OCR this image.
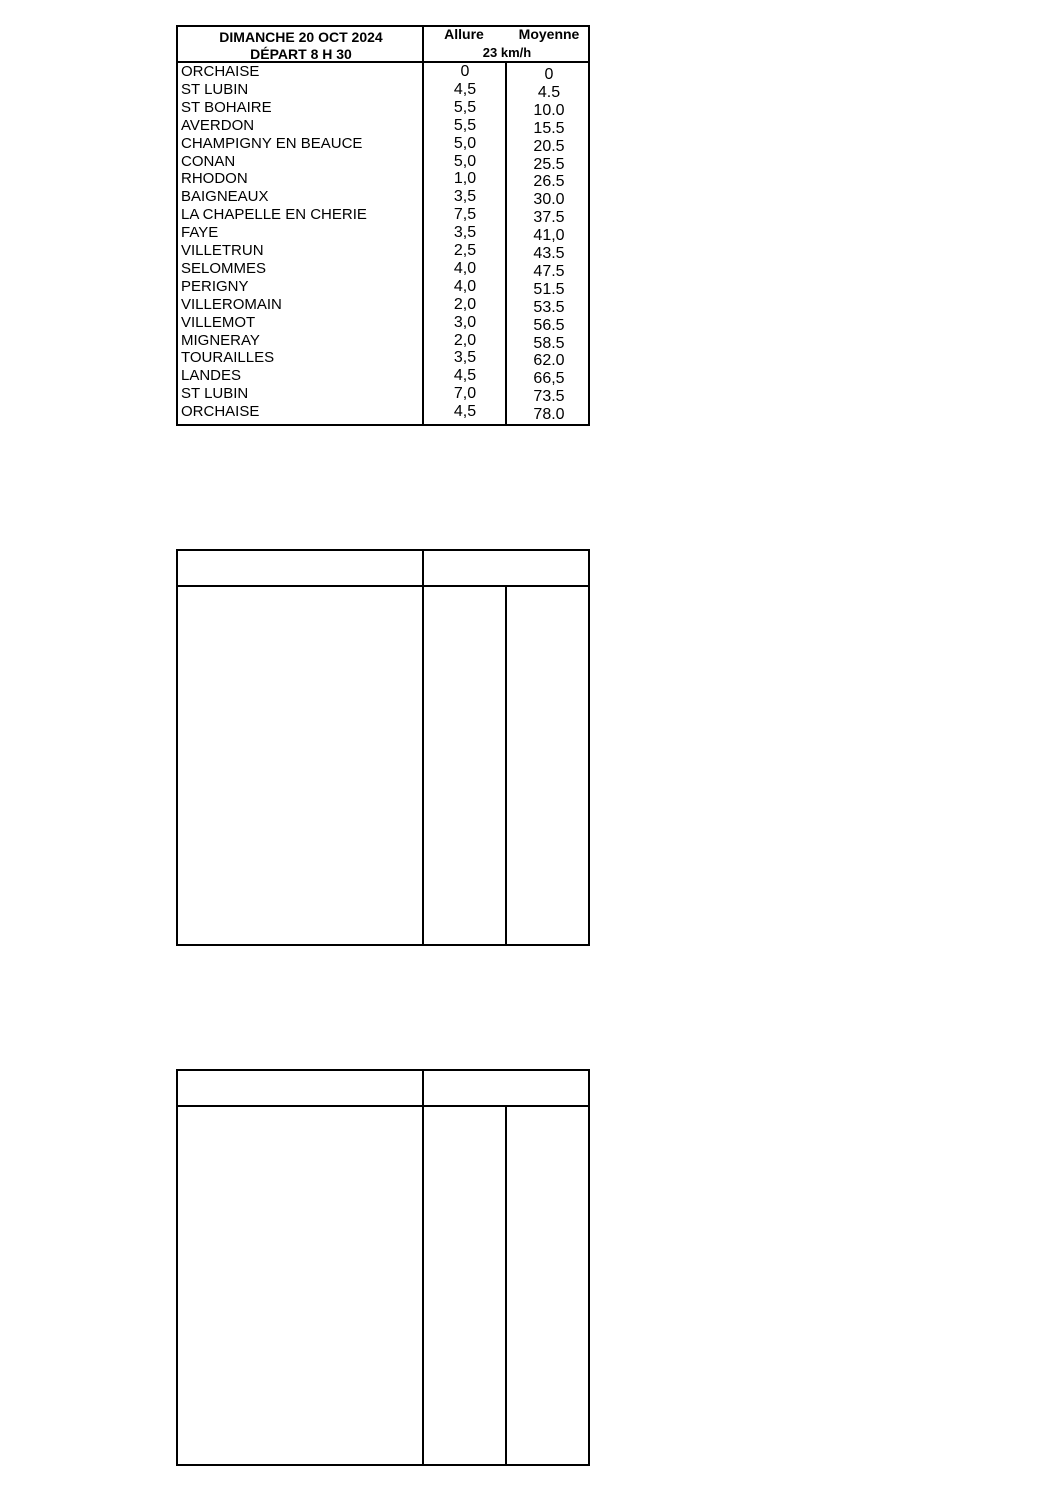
DIMANCHE 20 OCT 2024
DÉPART 8 H 30
Allure	Moyenne
23 km/h
ORCHAISE	0	0
ST LUBIN	4,5	4.5
ST BOHAIRE	5,5	10.0
AVERDON	5,5	15.5
CHAMPIGNY EN BEAUCE	5,0	20.5
CONAN	5,0	25.5
RHODON	1,0	26.5
BAIGNEAUX	3,5	30.0
LA CHAPELLE EN CHERIE	7,5	37.5
FAYE	3,5	41,0
VILLETRUN	2,5	43.5
SELOMMES	4,0	47.5
PERIGNY	4,0	51.5
VILLEROMAIN	2,0	53.5
VILLEMOT	3,0	56.5
MIGNERAY	2,0	58.5
TOURAILLES	3,5	62.0
LANDES	4,5	66,5
ST LUBIN	7,0	73.5
ORCHAISE	4,5	78.0
